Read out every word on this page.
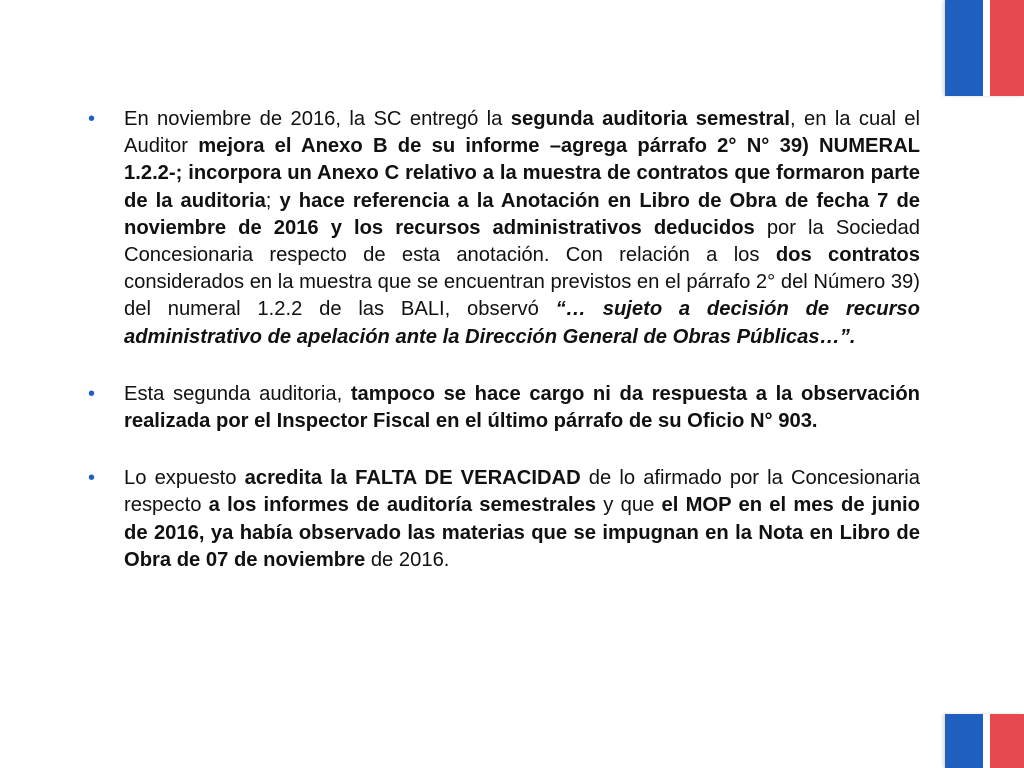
•	En noviembre de 2016, la SC entregó la segunda auditoria semestral, en la cual el Auditor mejora el Anexo B de su informe –agrega párrafo 2° N° 39) NUMERAL 1.2.2-; incorpora un Anexo C relativo a la muestra de contratos que formaron parte de la auditoria; y hace referencia a la Anotación en Libro de Obra de fecha 7 de noviembre de 2016 y los recursos administrativos deducidos por la Sociedad Concesionaria respecto de esta anotación. Con relación a los dos contratos considerados en la muestra que se encuentran previstos en el párrafo 2° del Número 39) del numeral 1.2.2 de las BALI, observó “… sujeto a decisión de recurso administrativo de apelación ante la Dirección General de Obras Públicas…”.
•	Esta segunda auditoria, tampoco se hace cargo ni da respuesta a la observación realizada por el Inspector Fiscal en el último párrafo de su Oficio N° 903.
•	Lo expuesto acredita la FALTA DE VERACIDAD de lo afirmado por la Concesionaria respecto a los informes de auditoría semestrales y que el MOP en el mes de junio de 2016, ya había observado las materias que se impugnan en la Nota en Libro de Obra de 07 de noviembre de 2016.
